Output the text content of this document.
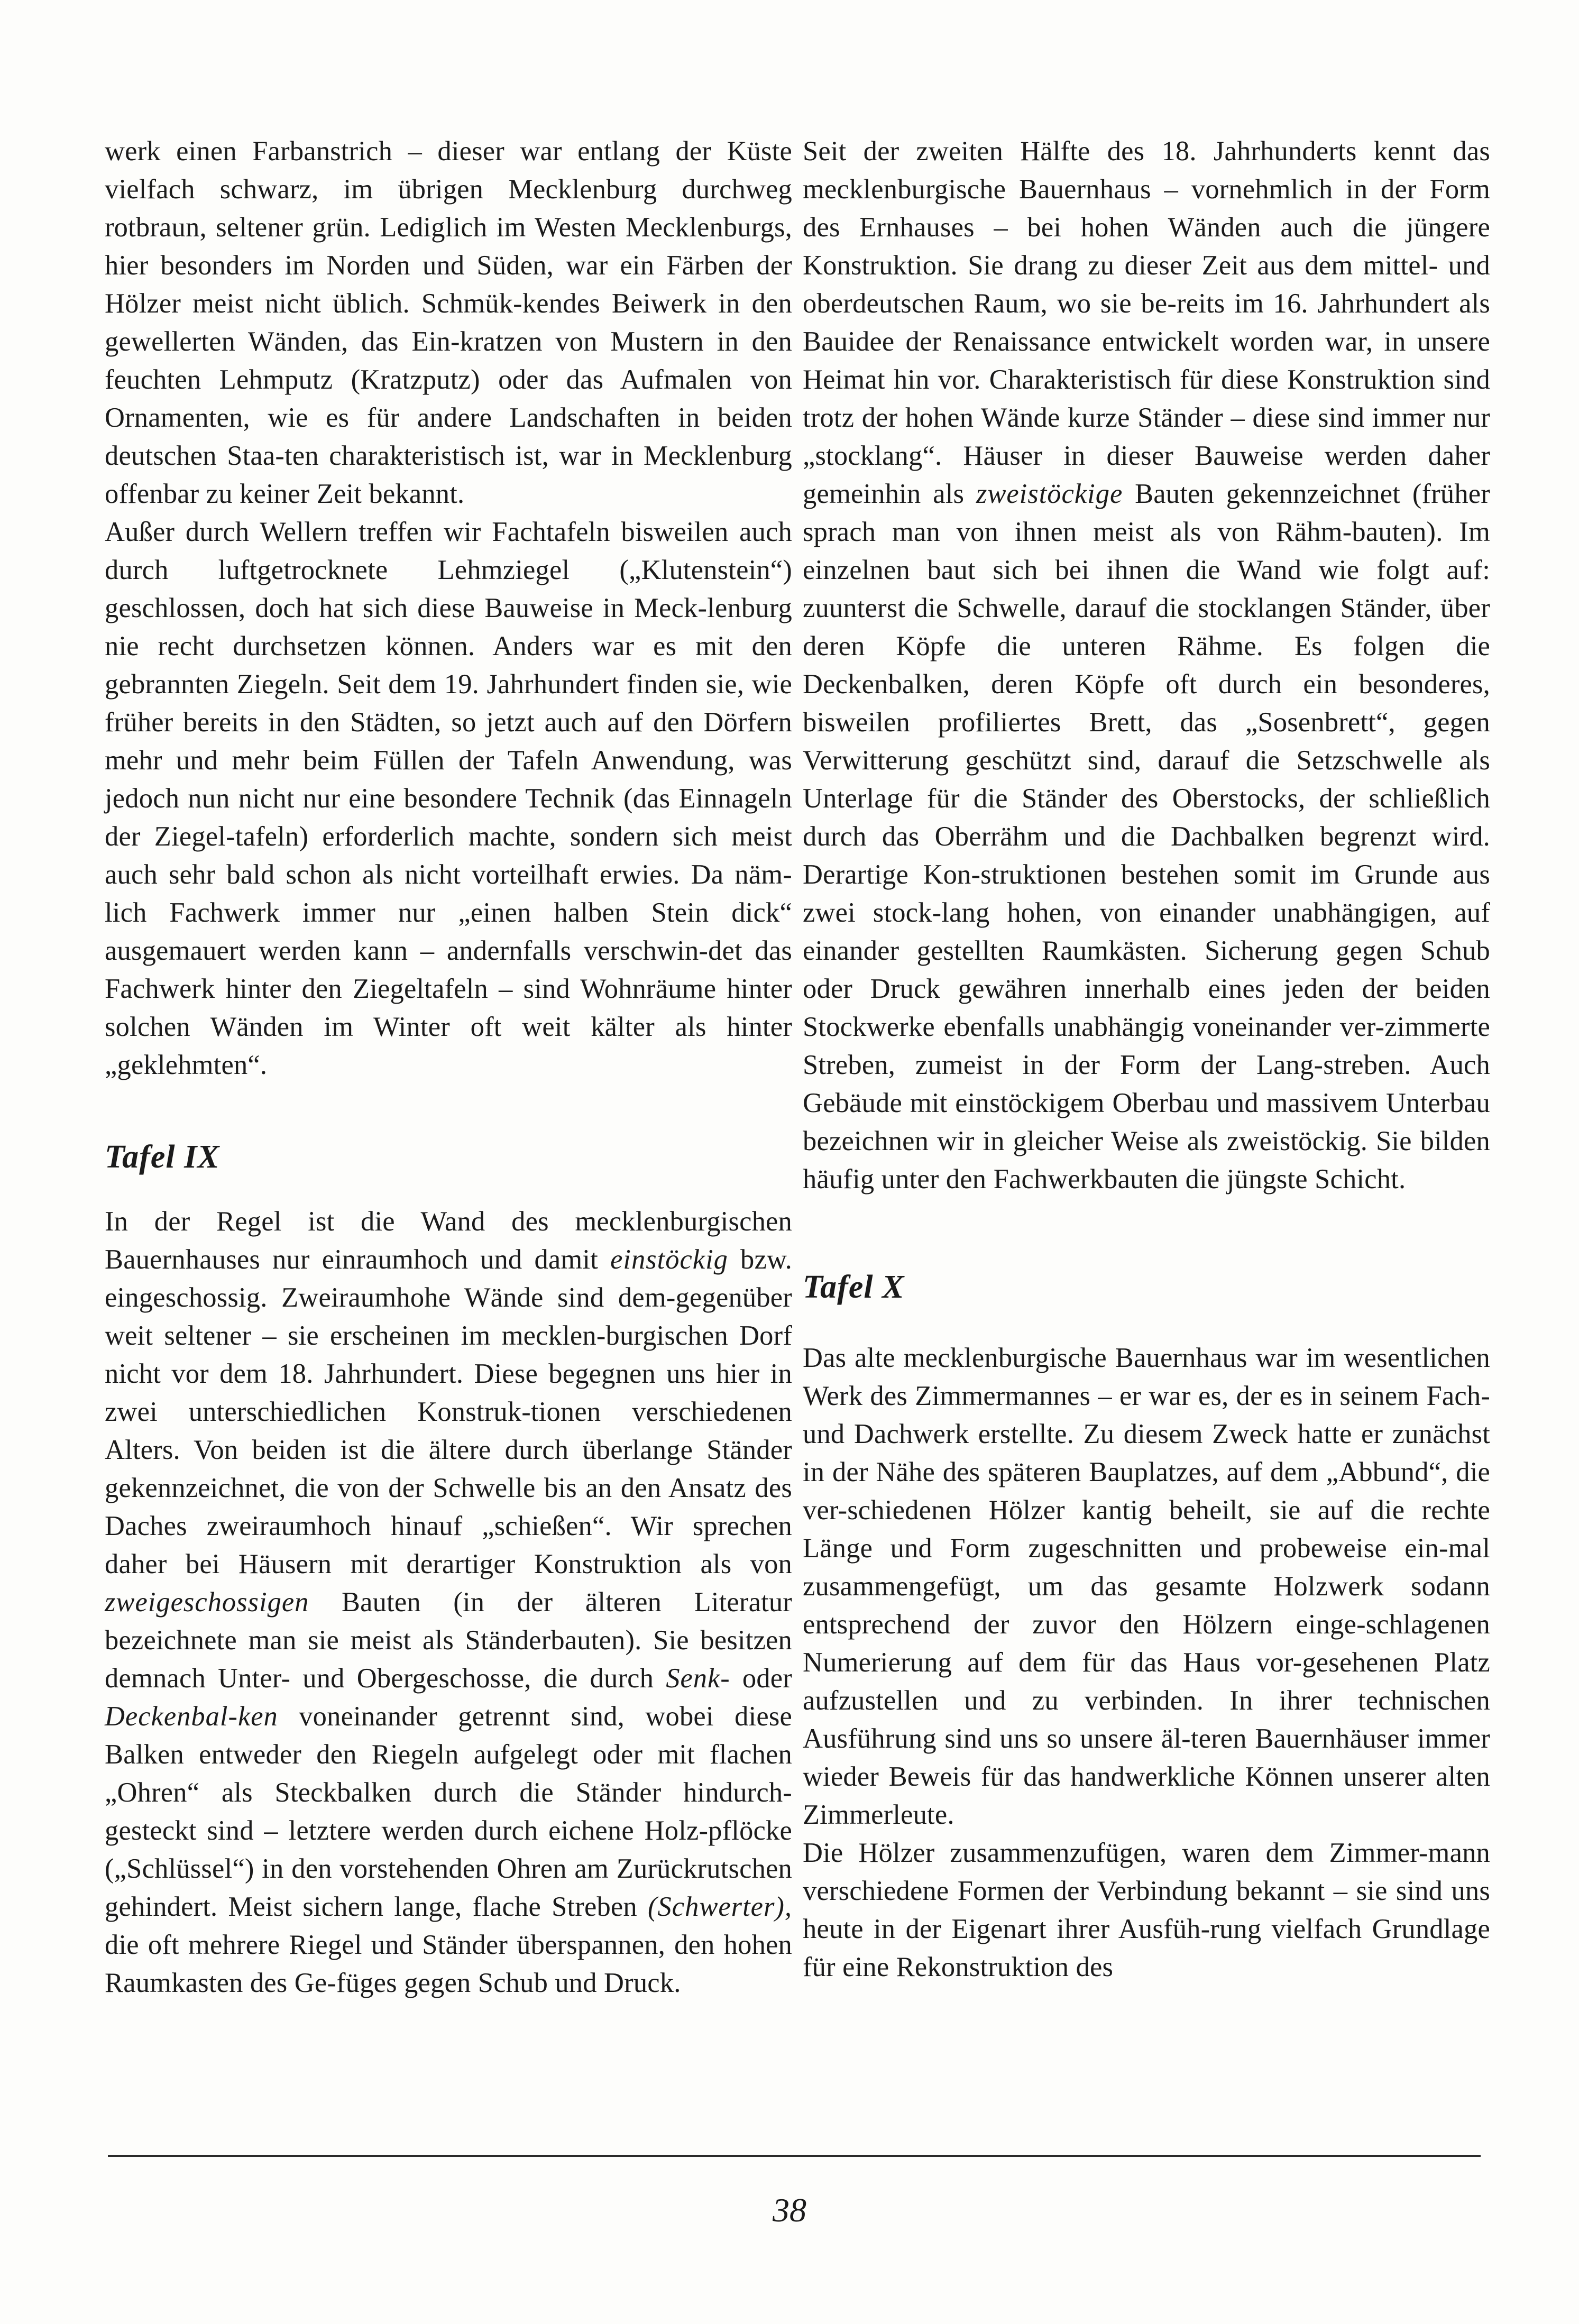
werk einen Farbanstrich – dieser war entlang der Küste vielfach schwarz, im übrigen Mecklenburg durchweg rotbraun, seltener grün. Lediglich im Westen Mecklenburgs, hier besonders im Norden und Süden, war ein Färben der Hölzer meist nicht üblich. Schmük-kendes Beiwerk in den gewellerten Wänden, das Ein-kratzen von Mustern in den feuchten Lehmputz (Kratzputz) oder das Aufmalen von Ornamenten, wie es für andere Landschaften in beiden deutschen Staa-ten charakteristisch ist, war in Mecklenburg offenbar zu keiner Zeit bekannt.

Außer durch Wellern treffen wir Fachtafeln bisweilen auch durch luftgetrocknete Lehmziegel („Klutenstein“) geschlossen, doch hat sich diese Bauweise in Meck-lenburg nie recht durchsetzen können. Anders war es mit den gebrannten Ziegeln. Seit dem 19. Jahrhundert finden sie, wie früher bereits in den Städten, so jetzt auch auf den Dörfern mehr und mehr beim Füllen der Tafeln Anwendung, was jedoch nun nicht nur eine besondere Technik (das Einnageln der Ziegel-tafeln) erforderlich machte, sondern sich meist auch sehr bald schon als nicht vorteilhaft erwies. Da näm-lich Fachwerk immer nur „einen halben Stein dick“ ausgemauert werden kann – andernfalls verschwin-det das Fachwerk hinter den Ziegeltafeln – sind Wohnräume hinter solchen Wänden im Winter oft weit kälter als hinter „geklehmten“.

Tafel IX

In der Regel ist die Wand des mecklenburgischen Bauernhauses nur einraumhoch und damit einstöckig bzw. eingeschossig. Zweiraumhohe Wände sind dem-gegenüber weit seltener – sie erscheinen im mecklen-burgischen Dorf nicht vor dem 18. Jahrhundert. Diese begegnen uns hier in zwei unterschiedlichen Konstruk-tionen verschiedenen Alters. Von beiden ist die ältere durch überlange Ständer gekennzeichnet, die von der Schwelle bis an den Ansatz des Daches zweiraumhoch hinauf „schießen“. Wir sprechen daher bei Häusern mit derartiger Konstruktion als von zweigeschossigen Bauten (in der älteren Literatur bezeichnete man sie meist als Ständerbauten). Sie besitzen demnach Unter- und Obergeschosse, die durch Senk- oder Deckenbal-ken voneinander getrennt sind, wobei diese Balken entweder den Riegeln aufgelegt oder mit flachen „Ohren“ als Steckbalken durch die Ständer hindurch-gesteckt sind – letztere werden durch eichene Holz-pflöcke („Schlüssel“) in den vorstehenden Ohren am Zurückrutschen gehindert. Meist sichern lange, flache Streben (Schwerter), die oft mehrere Riegel und Ständer überspannen, den hohen Raumkasten des Ge-füges gegen Schub und Druck.

Seit der zweiten Hälfte des 18. Jahrhunderts kennt das mecklenburgische Bauernhaus – vornehmlich in der Form des Ernhauses – bei hohen Wänden auch die jüngere Konstruktion. Sie drang zu dieser Zeit aus dem mittel- und oberdeutschen Raum, wo sie be-reits im 16. Jahrhundert als Bauidee der Renaissance entwickelt worden war, in unsere Heimat hin vor. Charakteristisch für diese Konstruktion sind trotz der hohen Wände kurze Ständer – diese sind immer nur „stocklang“. Häuser in dieser Bauweise werden daher gemeinhin als zweistöckige Bauten gekennzeichnet (früher sprach man von ihnen meist als von Rähm-bauten). Im einzelnen baut sich bei ihnen die Wand wie folgt auf: zuunterst die Schwelle, darauf die stocklangen Ständer, über deren Köpfe die unteren Rähme. Es folgen die Deckenbalken, deren Köpfe oft durch ein besonderes, bisweilen profiliertes Brett, das „Sosenbrett“, gegen Verwitterung geschützt sind, darauf die Setzschwelle als Unterlage für die Ständer des Oberstocks, der schließlich durch das Oberrähm und die Dachbalken begrenzt wird. Derartige Kon-struktionen bestehen somit im Grunde aus zwei stock-lang hohen, von einander unabhängigen, auf einander gestellten Raumkästen. Sicherung gegen Schub oder Druck gewähren innerhalb eines jeden der beiden Stockwerke ebenfalls unabhängig voneinander ver-zimmerte Streben, zumeist in der Form der Lang-streben. Auch Gebäude mit einstöckigem Oberbau und massivem Unterbau bezeichnen wir in gleicher Weise als zweistöckig. Sie bilden häufig unter den Fachwerkbauten die jüngste Schicht.

Tafel X

Das alte mecklenburgische Bauernhaus war im wesentlichen Werk des Zimmermannes – er war es, der es in seinem Fach- und Dachwerk erstellte. Zu diesem Zweck hatte er zunächst in der Nähe des späteren Bauplatzes, auf dem „Abbund“, die ver-schiedenen Hölzer kantig beheilt, sie auf die rechte Länge und Form zugeschnitten und probeweise ein-mal zusammengefügt, um das gesamte Holzwerk sodann entsprechend der zuvor den Hölzern einge-schlagenen Numerierung auf dem für das Haus vor-gesehenen Platz aufzustellen und zu verbinden. In ihrer technischen Ausführung sind uns so unsere äl-teren Bauernhäuser immer wieder Beweis für das handwerkliche Können unserer alten Zimmerleute.

Die Hölzer zusammenzufügen, waren dem Zimmer-mann verschiedene Formen der Verbindung bekannt – sie sind uns heute in der Eigenart ihrer Ausfüh-rung vielfach Grundlage für eine Rekonstruktion des

38
